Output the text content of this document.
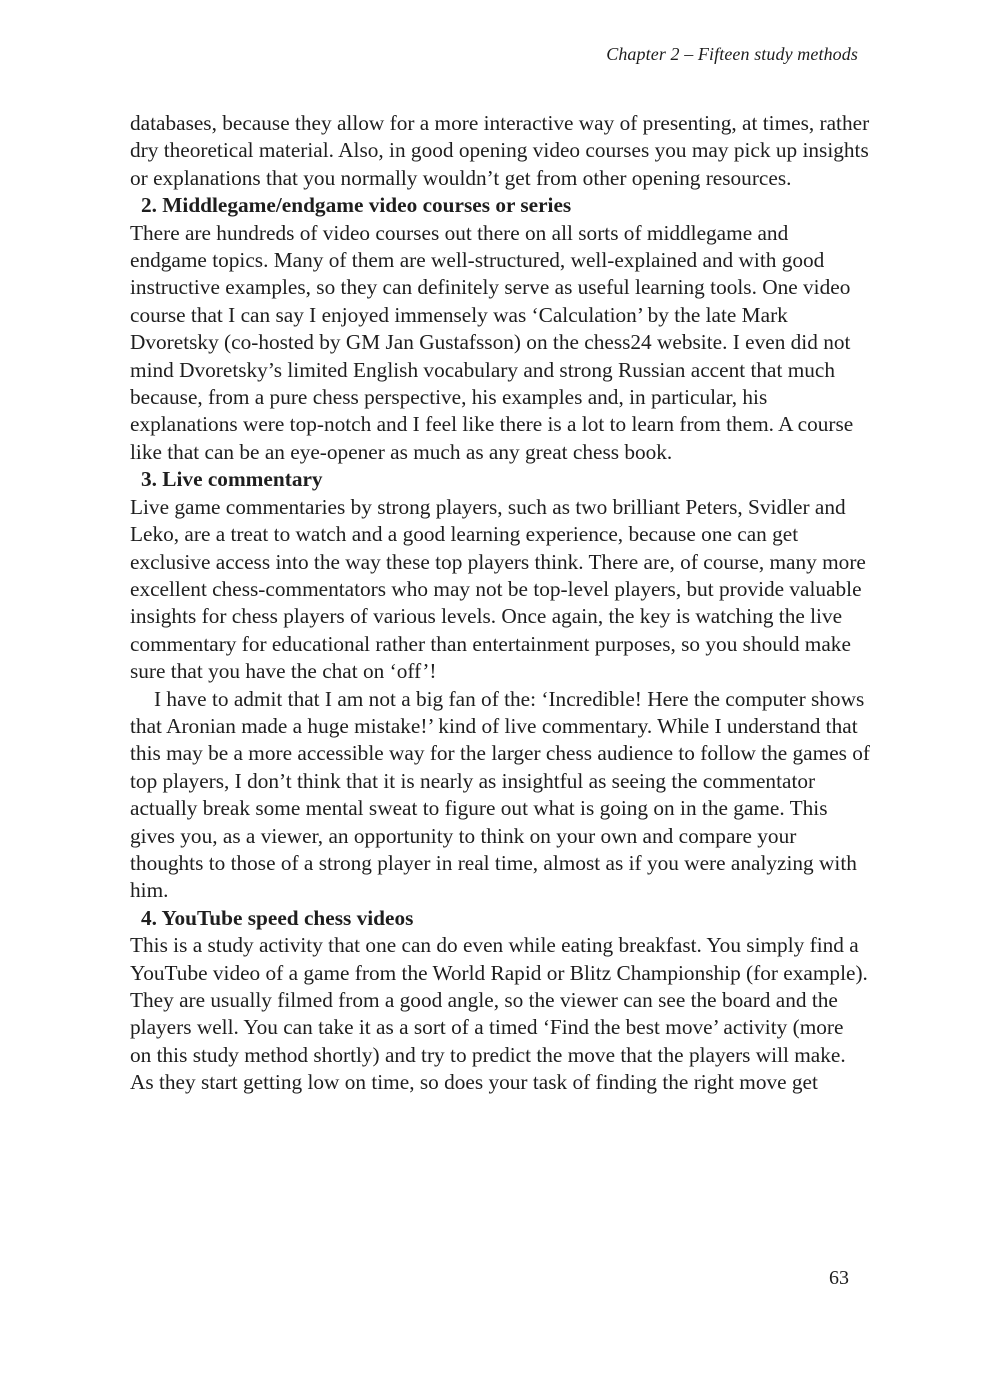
Chapter 2 – Fifteen study methods

databases, because they allow for a more interactive way of presenting, at times, rather dry theoretical material. Also, in good opening video courses you may pick up insights or explanations that you normally wouldn’t get from other opening resources.

2. Middlegame/endgame video courses or series

There are hundreds of video courses out there on all sorts of middlegame and endgame topics. Many of them are well-structured, well-explained and with good instructive examples, so they can definitely serve as useful learning tools. One video course that I can say I enjoyed immensely was ‘Calculation’ by the late Mark Dvoretsky (co-hosted by GM Jan Gustafsson) on the chess24 website. I even did not mind Dvoretsky’s limited English vocabulary and strong Russian accent that much because, from a pure chess perspective, his examples and, in particular, his explanations were top-notch and I feel like there is a lot to learn from them. A course like that can be an eye-opener as much as any great chess book.

3. Live commentary

Live game commentaries by strong players, such as two brilliant Peters, Svidler and Leko, are a treat to watch and a good learning experience, because one can get exclusive access into the way these top players think. There are, of course, many more excellent chess-commentators who may not be top-level players, but provide valuable insights for chess players of various levels. Once again, the key is watching the live commentary for educational rather than entertainment purposes, so you should make sure that you have the chat on ‘off’!

I have to admit that I am not a big fan of the: ‘Incredible! Here the computer shows that Aronian made a huge mistake!’ kind of live commentary. While I understand that this may be a more accessible way for the larger chess audience to follow the games of top players, I don’t think that it is nearly as insightful as seeing the commentator actually break some mental sweat to figure out what is going on in the game. This gives you, as a viewer, an opportunity to think on your own and compare your thoughts to those of a strong player in real time, almost as if you were analyzing with him.

4. YouTube speed chess videos

This is a study activity that one can do even while eating breakfast. You simply find a YouTube video of a game from the World Rapid or Blitz Championship (for example). They are usually filmed from a good angle, so the viewer can see the board and the players well. You can take it as a sort of a timed ‘Find the best move’ activity (more on this study method shortly) and try to predict the move that the players will make. As they start getting low on time, so does your task of finding the right move get

63
